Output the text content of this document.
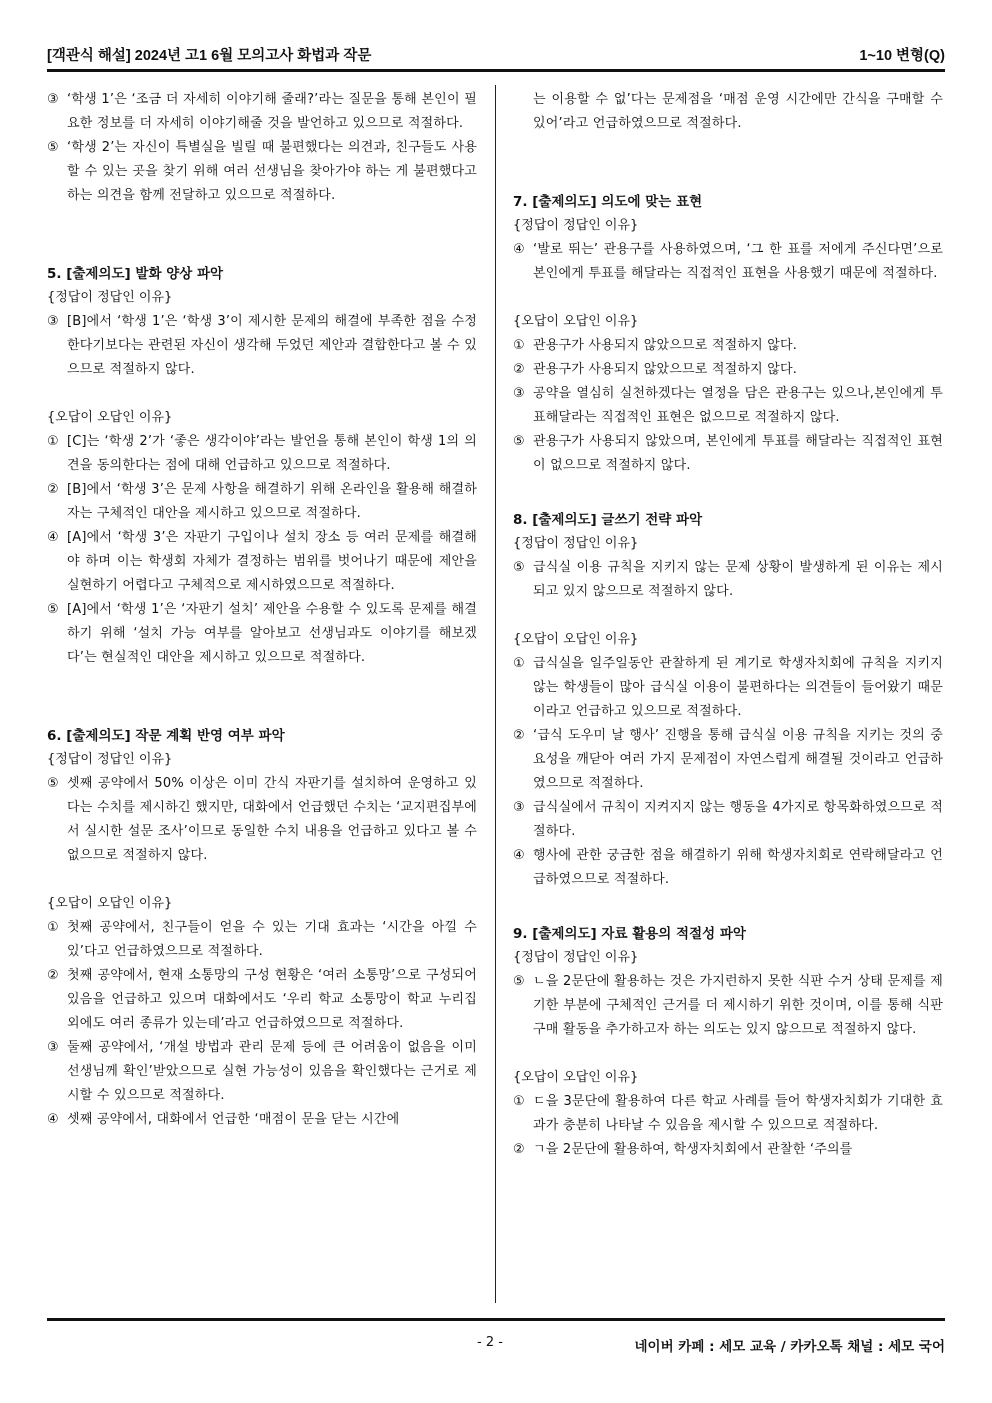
[객관식 해설] 2024년 고1 6월 모의고사 화법과 작문	1~10 변형(Q)
③ ‘학생 1’은 ‘조금 더 자세히 이야기해 줄래?’라는 질문을 통해 본인이 필요한 정보를 더 자세히 이야기해줄 것을 발언하고 있으므로 적절하다.
⑤ ‘학생 2’는 자신이 특별실을 빌릴 때 불편했다는 의견과, 친구들도 사용할 수 있는 곳을 찾기 위해 여러 선생님을 찾아가야 하는 게 불편했다고 하는 의견을 함께 전달하고 있으므로 적절하다.
5. [출제의도] 발화 양상 파악
{정답이 정답인 이유}
③ [B]에서 ‘학생 1’은 ‘학생 3’이 제시한 문제의 해결에 부족한 점을 수정한다기보다는 관련된 자신이 생각해 두었던 제안과 결합한다고 볼 수 있으므로 적절하지 않다.
{오답이 오답인 이유}
① [C]는 ‘학생 2’가 ‘좋은 생각이야’라는 발언을 통해 본인이 학생 1의 의견을 동의한다는 점에 대해 언급하고 있으므로 적절하다.
② [B]에서 ‘학생 3’은 문제 사항을 해결하기 위해 온라인을 활용해 해결하자는 구체적인 대안을 제시하고 있으므로 적절하다.
④ [A]에서 ‘학생 3’은 자판기 구입이나 설치 장소 등 여러 문제를 해결해야 하며 이는 학생회 자체가 결정하는 범위를 벗어나기 때문에 제안을 실현하기 어렵다고 구체적으로 제시하였으므로 적절하다.
⑤ [A]에서 ‘학생 1’은 ‘자판기 설치’ 제안을 수용할 수 있도록 문제를 해결하기 위해 ‘설치 가능 여부를 알아보고 선생님과도 이야기를 해보겠다’는 현실적인 대안을 제시하고 있으므로 적절하다.
6. [출제의도] 작문 계획 반영 여부 파악
{정답이 정답인 이유}
⑤ 셋째 공약에서 50% 이상은 이미 간식 자판기를 설치하여 운영하고 있다는 수치를 제시하긴 했지만, 대화에서 언급했던 수치는 ‘교지편집부에서 실시한 설문 조사’이므로 동일한 수치 내용을 언급하고 있다고 볼 수 없으므로 적절하지 않다.
{오답이 오답인 이유}
① 첫째 공약에서, 친구들이 얻을 수 있는 기대 효과는 ‘시간을 아낄 수 있’다고 언급하였으므로 적절하다.
② 첫째 공약에서, 현재 소통망의 구성 현황은 ‘여러 소통망’으로 구성되어 있음을 언급하고 있으며 대화에서도 ‘우리 학교 소통망이 학교 누리집 외에도 여러 종류가 있는데’라고 언급하였으므로 적절하다.
③ 둘째 공약에서, ‘개설 방법과 관리 문제 등에 큰 어려움이 없음을 이미 선생님께 확인’받았으므로 실현 가능성이 있음을 확인했다는 근거로 제시할 수 있으므로 적절하다.
④ 셋째 공약에서, 대화에서 언급한 ‘매점이 문을 닫는 시간에
는 이용할 수 없’다는 문제점을 ‘매점 운영 시간에만 간식을 구매할 수 있어’라고 언급하였으므로 적절하다.
7. [출제의도] 의도에 맞는 표현
{정답이 정답인 이유}
④ ‘발로 뛰는’ 관용구를 사용하였으며, ‘그 한 표를 저에게 주신다면’으로 본인에게 투표를 해달라는 직접적인 표현을 사용했기 때문에 적절하다.
{오답이 오답인 이유}
① 관용구가 사용되지 않았으므로 적절하지 않다.
② 관용구가 사용되지 않았으므로 적절하지 않다.
③ 공약을 열심히 실천하겠다는 열정을 담은 관용구는 있으나,본인에게 투표해달라는 직접적인 표현은 없으므로 적절하지 않다.
⑤ 관용구가 사용되지 않았으며, 본인에게 투표를 해달라는 직접적인 표현이 없으므로 적절하지 않다.
8. [출제의도] 글쓰기 전략 파악
{정답이 정답인 이유}
⑤ 급식실 이용 규칙을 지키지 않는 문제 상황이 발생하게 된 이유는 제시되고 있지 않으므로 적절하지 않다.
{오답이 오답인 이유}
① 급식실을 일주일동안 관찰하게 된 계기로 학생자치회에 규칙을 지키지 않는 학생들이 많아 급식실 이용이 불편하다는 의견들이 들어왔기 때문이라고 언급하고 있으므로 적절하다.
② ‘급식 도우미 날 행사’ 진행을 통해 급식실 이용 규칙을 지키는 것의 중요성을 깨닫아 여러 가지 문제점이 자연스럽게 해결될 것이라고 언급하였으므로 적절하다.
③ 급식실에서 규칙이 지켜지지 않는 행동을 4가지로 항목화하였으므로 적절하다.
④ 행사에 관한 궁금한 점을 해결하기 위해 학생자치회로 연락해달라고 언급하였으므로 적절하다.
9. [출제의도] 자료 활용의 적절성 파악
{정답이 정답인 이유}
⑤ ㄴ을 2문단에 활용하는 것은 가지런하지 못한 식판 수거 상태 문제를 제기한 부분에 구체적인 근거를 더 제시하기 위한 것이며, 이를 통해 식판 구매 활동을 추가하고자 하는 의도는 있지 않으므로 적절하지 않다.
{오답이 오답인 이유}
① ㄷ을 3문단에 활용하여 다른 학교 사례를 들어 학생자치회가 기대한 효과가 충분히 나타날 수 있음을 제시할 수 있으므로 적절하다.
② ㄱ을 2문단에 활용하여, 학생자치회에서 관찰한 ‘주의를
- 2 -	네이버 카페 : 세모 교육 / 카카오톡 채널 : 세모 국어
